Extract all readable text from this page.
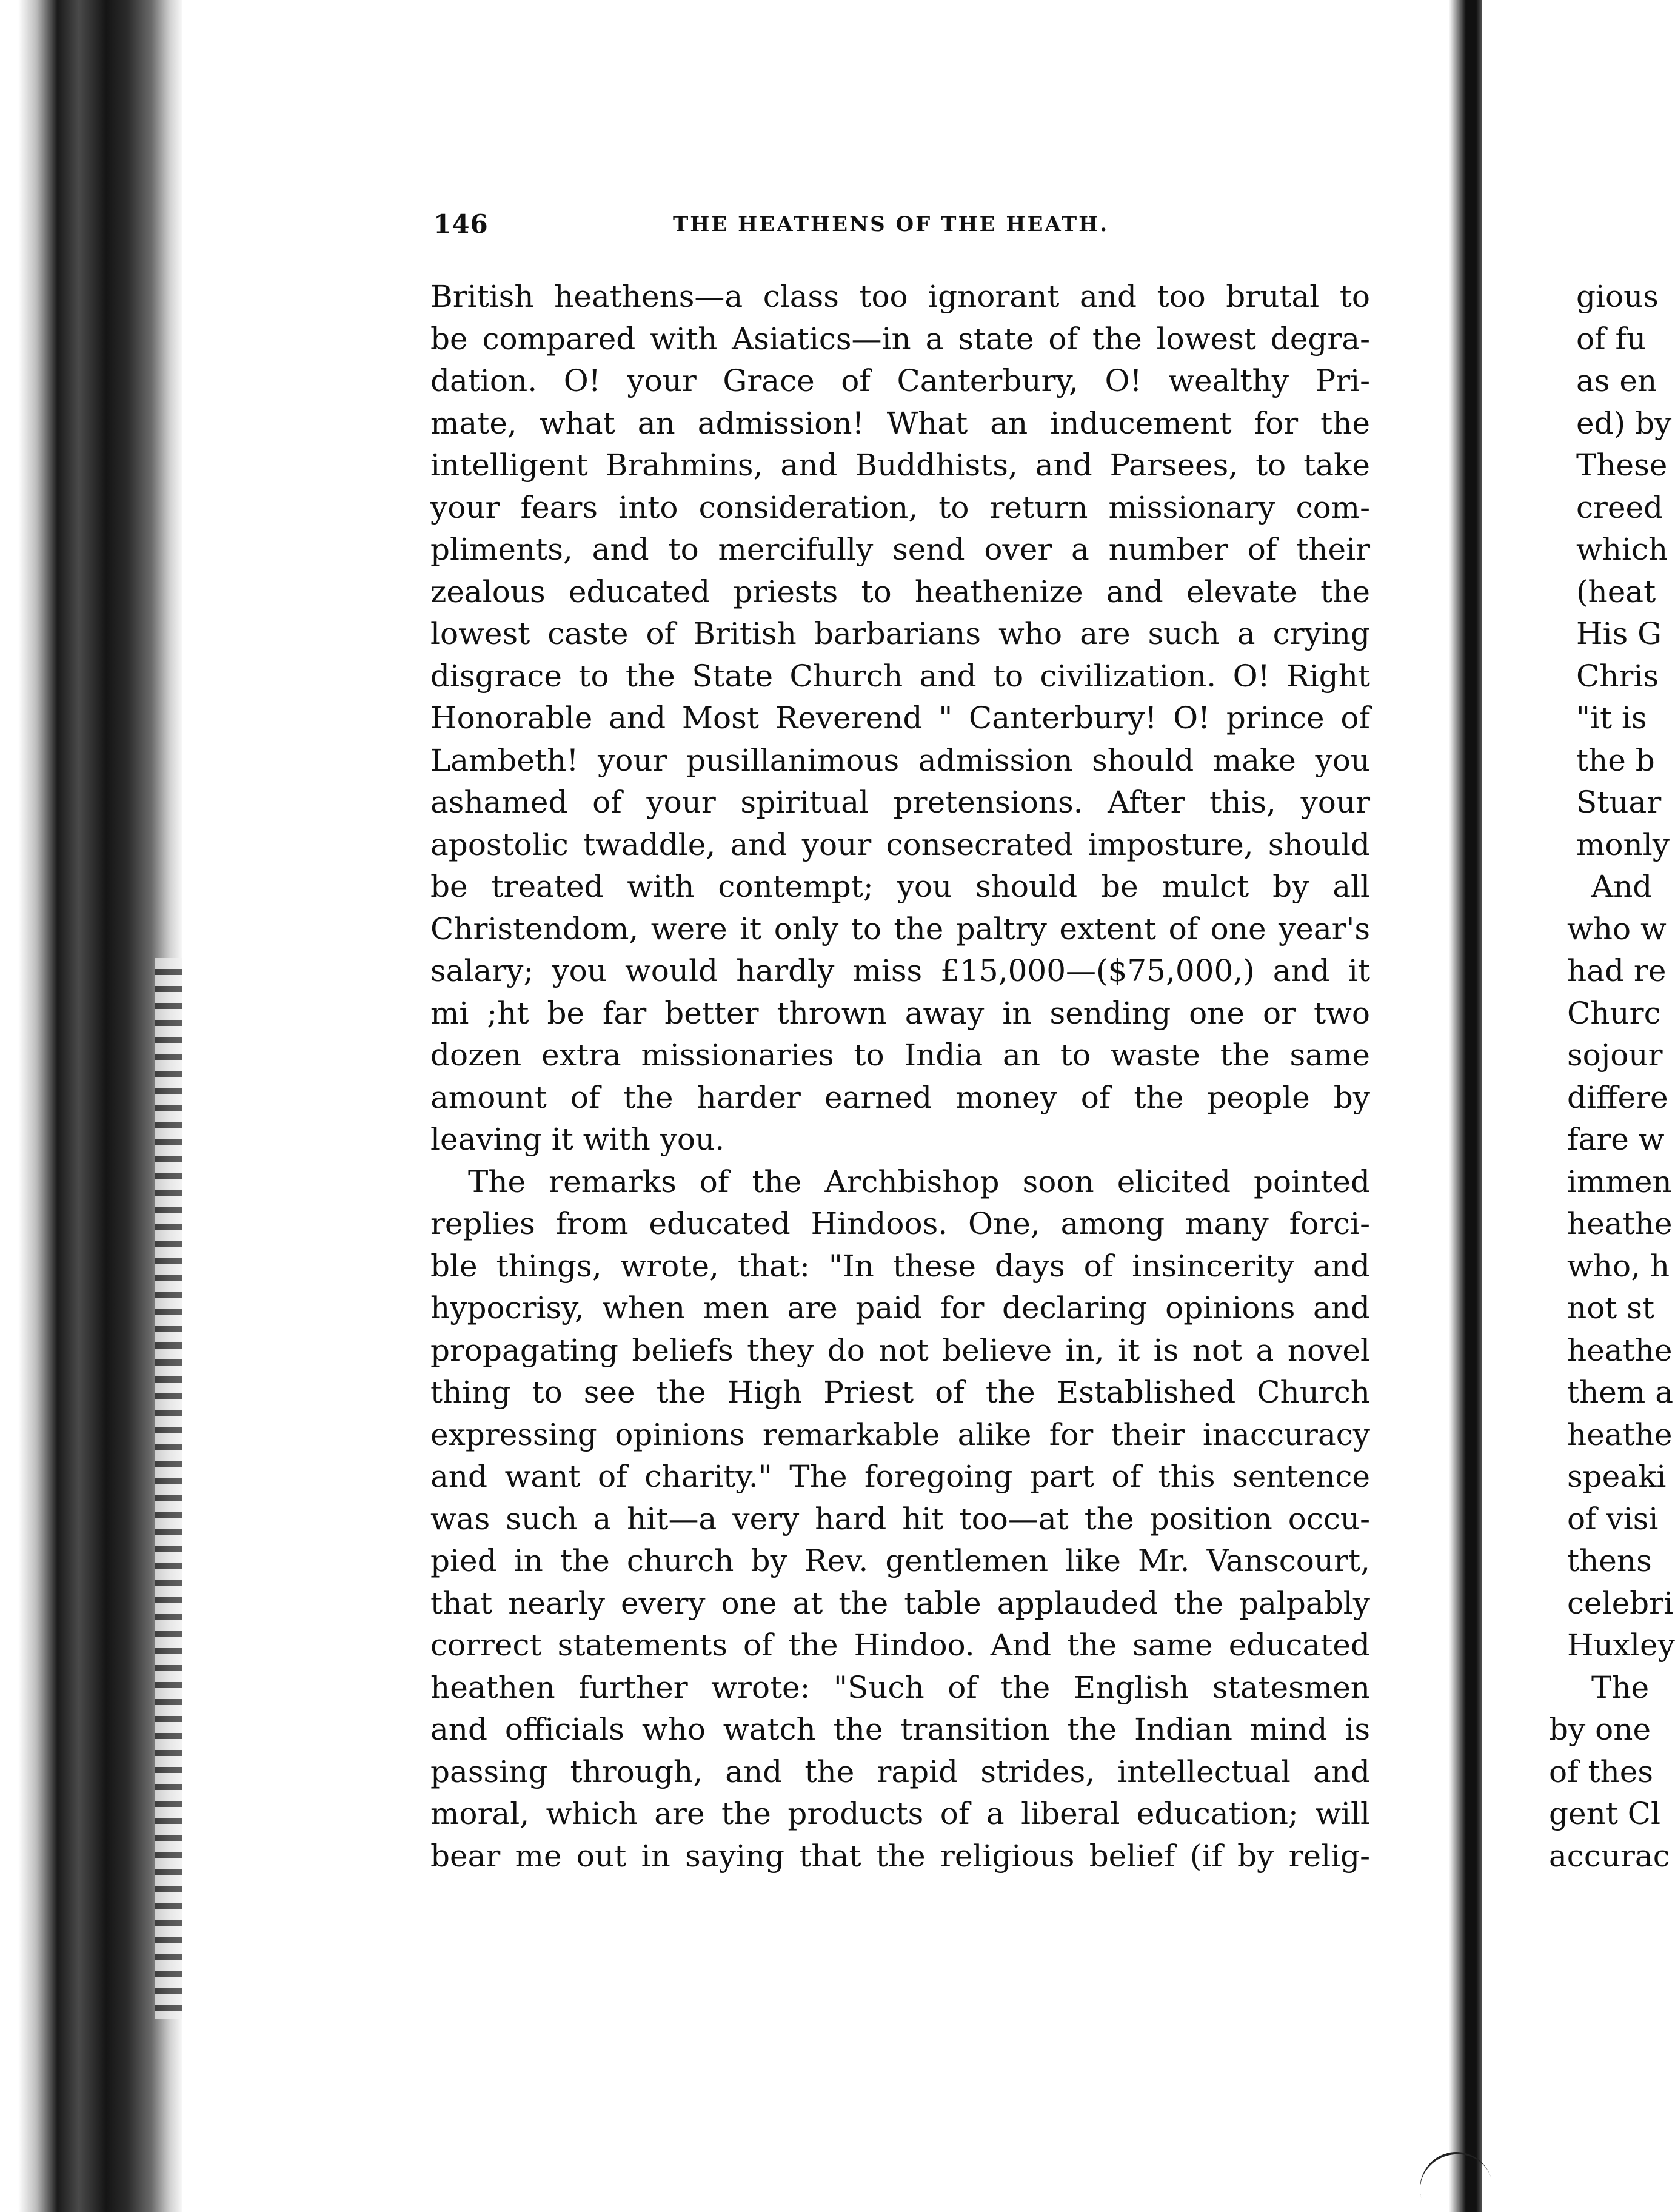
146	THE HEATHENS OF THE HEATH.
British heathens—a class too ignorant and too brutal to
be compared with Asiatics—in a state of the lowest degra-
dation. O! your Grace of Canterbury, O! wealthy Pri-
mate, what an admission! What an inducement for the
intelligent Brahmins, and Buddhists, and Parsees, to take
your fears into consideration, to return missionary com-
pliments, and to mercifully send over a number of their
zealous educated priests to heathenize and elevate the
lowest caste of British barbarians who are such a crying
disgrace to the State Church and to civilization. O! Right
Honorable and Most Reverend " Canterbury! O! prince of
Lambeth! your pusillanimous admission should make you
ashamed of your spiritual pretensions. After this, your
apostolic twaddle, and your consecrated imposture, should
be treated with contempt; you should be mulct by all
Christendom, were it only to the paltry extent of one year's
salary; you would hardly miss £15,000—($75,000,) and it
mi ;ht be far better thrown away in sending one or two
dozen extra missionaries to India an to waste the same
amount of the harder earned money of the people by
leaving it with you.
The remarks of the Archbishop soon elicited pointed
replies from educated Hindoos. One, among many forci-
ble things, wrote, that: "In these days of insincerity and
hypocrisy, when men are paid for declaring opinions and
propagating beliefs they do not believe in, it is not a novel
thing to see the High Priest of the Established Church
expressing opinions remarkable alike for their inaccuracy
and want of charity." The foregoing part of this sentence
was such a hit—a very hard hit too—at the position occu-
pied in the church by Rev. gentlemen like Mr. Vanscourt,
that nearly every one at the table applauded the palpably
correct statements of the Hindoo. And the same educated
heathen further wrote: "Such of the English statesmen
and officials who watch the transition the Indian mind is
passing through, and the rapid strides, intellectual and
moral, which are the products of a liberal education; will
bear me out in saying that the religious belief (if by relig-
gious
of fu
as en
ed) by
These
creed
which
(heat
His G
Chris
"it is
the b
Stuar
monly
And
who w
had re
Churc
sojour
differe
fare w
immen
heathe
who, h
not st
heathe
them a
heathe
speaki
of visi
thens
celebri
Huxley
The
by one
of thes
gent Cl
accurac
